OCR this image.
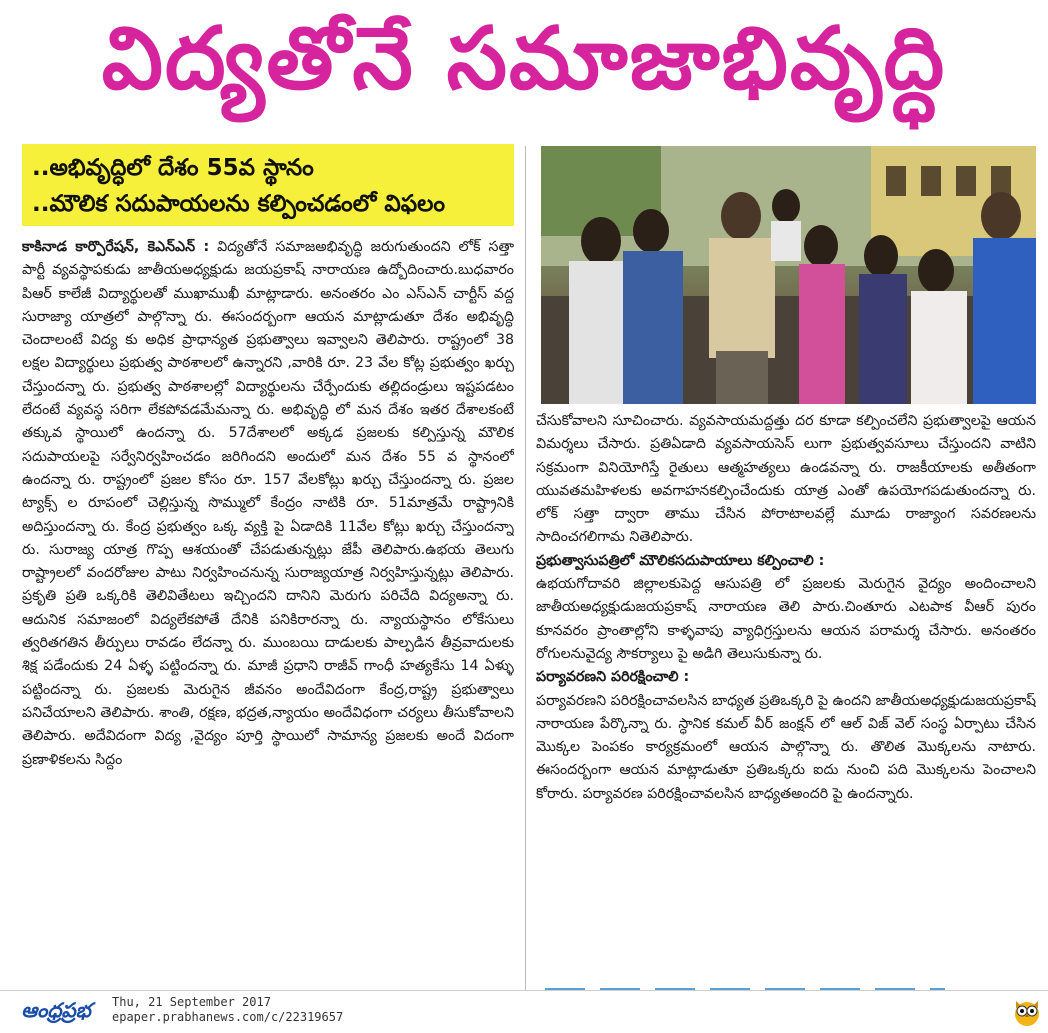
విద్యతోనే సమాజాభివృద్ధి
..అభివృద్ధిలో దేశం 55వ స్థానం
..మౌలిక సదుపాయలను కల్పించడంలో విఫలం

కాకినాడ కార్పొరేషన్, కెఎన్ఎన్ : విద్యతోనే సమాజఅభివృద్ధి జరుగుతుందని లోక్ సత్తా పార్టీ వ్యవస్థాపకుడు జాతీయఅధ్యక్షుడు జయప్రకాష్ నారాయణ ఉద్బోదించారు.బుధవారం పిఆర్ కాలేజీ విద్యార్థులతో ముఖాముఖీ మాట్లాడారు. అనంతరం ఎం ఎస్ఎన్ చార్టీస్ వద్ద సురాజ్యా యాత్రలో పాల్గొన్నా రు. ఈసందర్బంగా ఆయన మాట్లాడుతూ దేశం అభివృద్ధి చెందాలంటే విద్య కు అధిక ప్రాధాన్యత ప్రభుత్వాలు ఇవ్వాలని తెలిపారు. రాష్ట్రంలో 38 లక్షల విద్యార్థులు ప్రభుత్వ పాఠశాలలో ఉన్నారని ,వారికి రూ. 23 వేల కోట్ల ప్రభుత్వం ఖర్చు చేస్తుందన్నా రు. ప్రభుత్వ పాఠశాలల్లో విద్యార్థులను చేర్పేందుకు తల్లిదండ్రులు ఇష్టపడటం లేదంటే వ్యవస్థ సరిగా లేకపోవడమేమన్నా రు. అభివృద్ధి లో మన దేశం ఇతర దేశాలకంటే తక్కువ స్థాయిలో ఉందన్నా రు. 57దేశాలలో అక్కడ ప్రజలకు కల్పిస్తున్న మౌలిక సదుపాయలపై సర్వేనిర్వహించడం జరిగిందని అందులో మన దేశం 55 వ స్థానంలో ఉందన్నా రు. రాష్ట్రంలో ప్రజల కోసం రూ. 157 వేలకోట్లు ఖర్చు చేస్తుందన్నా రు. ప్రజల ట్యాక్స్ ల రూపంలో చెల్లిస్తున్న సొమ్ములో కేంద్రం నాటికి రూ. 51మాత్రమే రాష్ట్రానికి అదిస్తుందన్నా రు. కేంద్ర ప్రభుత్వం ఒక్క వ్యక్తి పై ఏడాదికి 11వేల కోట్లు ఖర్చు చేస్తుందన్నా రు. సురాజ్య యాత్ర గొప్ప ఆశయంతో చేపడుతున్నట్లు జేపీ తెలిపారు.ఉభయ తెలుగు రాష్ట్రాలలో వందరోజుల పాటు నిర్వహించనున్న సురాజ్యయాత్ర నిర్వహిస్తున్నట్లు తెలిపారు. ప్రకృతి ప్రతి ఒక్కరికి తెలివితేటలు ఇచ్చిందని దానిని మెరుగు పరిచేది విద్యఅన్నా రు. ఆదునిక సమాజంలో విద్యలేకపోతే దేనికి పనికిరారన్నా రు. న్యాయస్థానం లోకేసులు త్వరితగతిన తీర్పులు రావడం లేదన్నా రు. ముంబయి దాడులకు పాల్పడిన తీవ్రవాదులకు శిక్ష పడేందుకు 24 ఏళ్ళ పట్టిందన్నా రు. మాజీ ప్రధాని రాజీవ్ గాంధీ హత్యకేసు 14 ఏళ్ళు పట్టిందన్నా రు. ప్రజలకు మెరుగైన జీవనం అందేవిదంగా కేంద్ర,రాష్ట్ర ప్రభుత్వాలు పనిచేయాలని తెలిపారు. శాంతి, రక్షణ, భద్రత,న్యాయం అందేవిధంగా చర్యలు తీసుకోవాలని తెలిపారు. అదేవిదంగా విద్య ,వైద్యం పూర్తి స్థాయిలో సామాన్య ప్రజలకు అందే విదంగా ప్రణాళికలను సిద్దం

చేసుకోవాలని సూచించారు. వ్యవసాయమద్దత్తు దర కూడా కల్పించలేని ప్రభుత్వాలపై ఆయన విమర్శలు చేసారు. ప్రతిఏడాది వ్యవసాయసెస్ లుగా ప్రభుత్వవసూలు చేస్తుందని వాటిని సక్రమంగా వినియోగిస్తే రైతులు ఆత్మహత్యలు ఉండవన్నా రు. రాజకీయాలకు అతీతంగా యువతమహిళలకు అవగాహనకల్పించేందుకు యాత్ర ఎంతో ఉపయోగపడుతుందన్నా రు. లోక్ సత్తా ద్వారా తాము చేసిన పోరాటాలవల్లే మూడు రాజ్యాంగ సవరణలను సాదించగలిగామ నితెలిపారు.

ప్రభుత్వాసుపత్రిలో మౌలికసదుపాయాలు కల్పించాలి :

ఉభయగోదావరి జిల్లాలకుపెద్ద ఆసుపత్రి లో ప్రజలకు మెరుగైన వైద్యం అందించాలని జాతీయఅధ్యక్షుడుజయప్రకాష్ నారాయణ తెలి పారు.చింతూరు ఎటపాక వీఆర్ పురం కూనవరం ప్రాంతాల్లోని కాళ్ళవాపు వ్యాధిగ్రస్తులను ఆయన పరామర్శ చేసారు. అనంతరం రోగులనువైద్య సౌకర్యాలు పై అడిగి తెలుసుకున్నా రు.

పర్యావరణని పరిరక్షించాలి :

పర్యావరణని పరిరక్షించావలసిన బాధ్యత ప్రతిఒక్కరి పై ఉందని జాతీయఅధ్యక్షుడుజయప్రకాష్ నారాయణ పేర్కొన్నా రు. స్ధానిక కమల్ వీర్ జంక్షన్ లో ఆల్ విజ్ వెల్ సంస్థ ఏర్పాటు చేసిన మొక్కల పెంపకం కార్యక్రమంలో ఆయన పాల్గొన్నా రు. తొలిత మొక్కలను నాటారు. ఈసందర్బంగా ఆయన మాట్లాడుతూ ప్రతిఒక్కరు ఐదు నుంచి పది మొక్కలను పెంచాలని కోరారు. పర్యావరణ పరిరక్షించావలసిన బాధ్యతఅందరి పై ఉందన్నారు.

ఆంధ్రప్రభ	Thu, 21 September 2017
epaper.prabhanews.com/c/22319657
